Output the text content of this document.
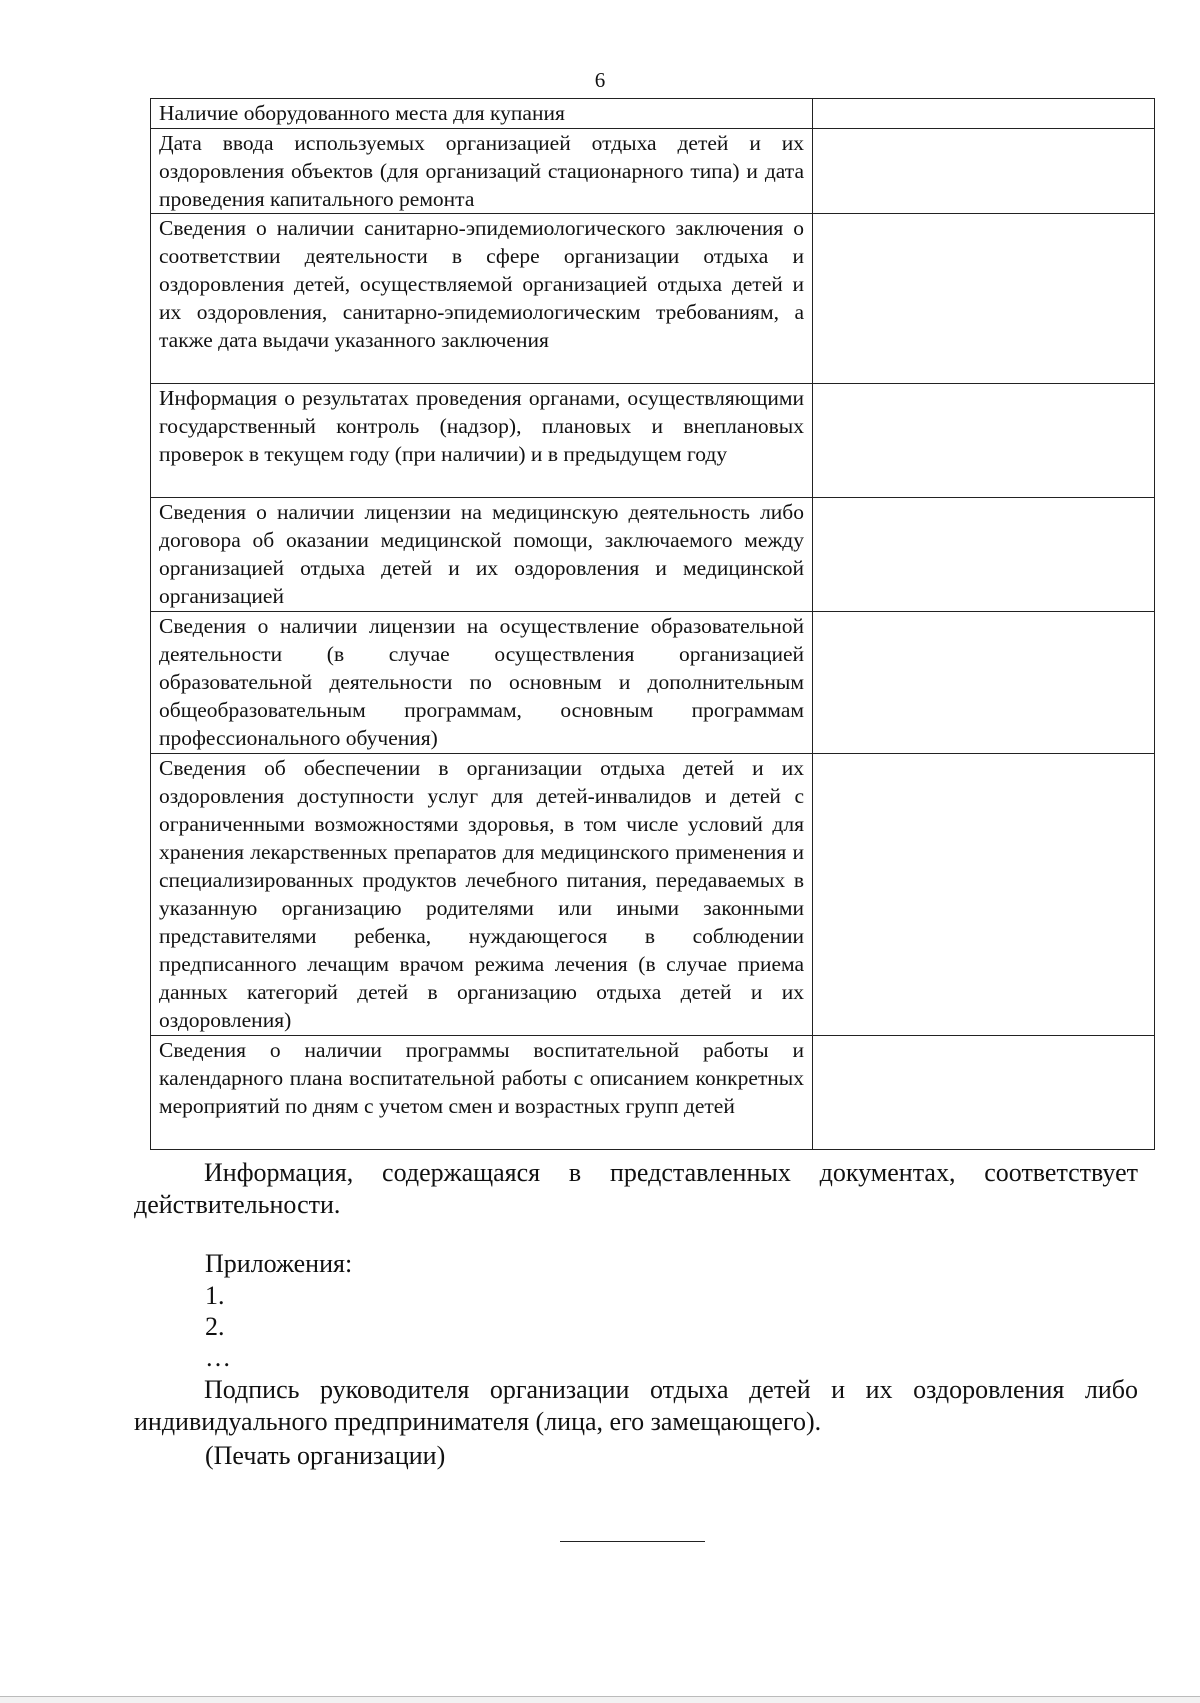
6
Наличие оборудованного места для купания	
Дата ввода используемых организацией отдыха детей и их оздоровления объектов (для организаций стационарного типа) и дата проведения капитального ремонта	
Сведения о наличии санитарно-эпидемиологического заключения о соответствии деятельности в сфере организации отдыха и оздоровления детей, осуществляемой организацией отдыха детей и их оздоровления, санитарно-эпидемиологическим требованиям, а также дата выдачи указанного заключения	
Информация о результатах проведения органами, осуществляющими государственный контроль (надзор), плановых и внеплановых проверок в текущем году (при наличии) и в предыдущем году	
Сведения о наличии лицензии на медицинскую деятельность либо договора об оказании медицинской помощи, заключаемого между организацией отдыха детей и их оздоровления и медицинской организацией	
Сведения о наличии лицензии на осуществление образовательной деятельности (в случае осуществления организацией образовательной деятельности по основным и дополнительным общеобразовательным программам, основным программам профессионального обучения)	
Сведения об обеспечении в организации отдыха детей и их оздоровления доступности услуг для детей-инвалидов и детей с ограниченными возможностями здоровья, в том числе условий для хранения лекарственных препаратов для медицинского применения и специализированных продуктов лечебного питания, передаваемых в указанную организацию родителями или иными законными представителями ребенка, нуждающегося в соблюдении предписанного лечащим врачом режима лечения (в случае приема данных категорий детей в организацию отдыха детей и их оздоровления)	
Сведения о наличии программы воспитательной работы и календарного плана воспитательной работы с описанием конкретных мероприятий по дням с учетом смен и возрастных групп детей	
Информация, содержащаяся в представленных документах, соответствует действительности.
Приложения:
1.
2.
…
Подпись руководителя организации отдыха детей и их оздоровления либо индивидуального предпринимателя (лица, его замещающего).
(Печать организации)
